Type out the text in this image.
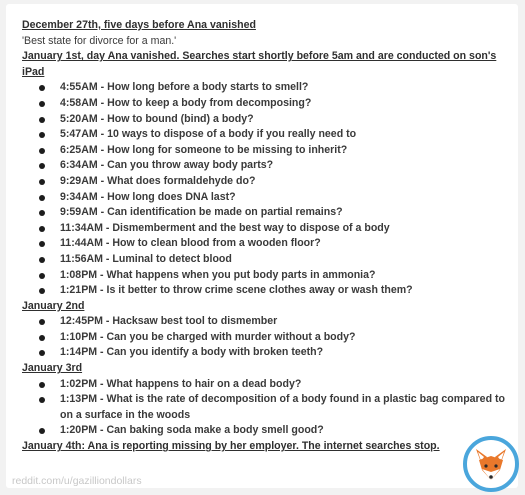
December 27th, five days before Ana vanished
'Best state for divorce for a man.'
January 1st, day Ana vanished. Searches start shortly before 5am and are conducted on son's iPad
4:55AM - How long before a body starts to smell?
4:58AM - How to keep a body from decomposing?
5:20AM - How to bound (bind) a body?
5:47AM - 10 ways to dispose of a body if you really need to
6:25AM - How long for someone to be missing to inherit?
6:34AM - Can you throw away body parts?
9:29AM - What does formaldehyde do?
9:34AM - How long does DNA last?
9:59AM - Can identification be made on partial remains?
11:34AM - Dismemberment and the best way to dispose of a body
11:44AM - How to clean blood from a wooden floor?
11:56AM - Luminal to detect blood
1:08PM - What happens when you put body parts in ammonia?
1:21PM - Is it better to throw crime scene clothes away or wash them?
January 2nd
12:45PM - Hacksaw best tool to dismember
1:10PM - Can you be charged with murder without a body?
1:14PM - Can you identify a body with broken teeth?
January 3rd
1:02PM - What happens to hair on a dead body?
1:13PM - What is the rate of decomposition of a body found in a plastic bag compared to on a surface in the woods
1:20PM - Can baking soda make a body smell good?
January 4th: Ana is reporting missing by her employer. The internet searches stop.
reddit.com/u/gazilliondollars
